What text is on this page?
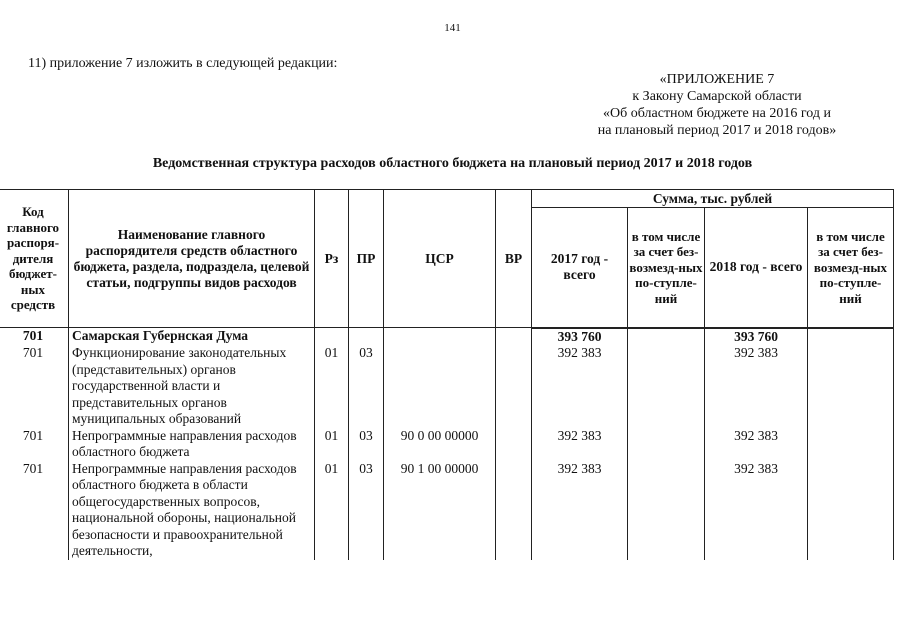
141
11) приложение 7 изложить в следующей редакции:
«ПРИЛОЖЕНИЕ 7
к Закону Самарской области
«Об областном бюджете на 2016 год и
на плановый период 2017 и 2018 годов»
Ведомственная структура расходов областного бюджета на плановый период 2017 и 2018 годов
Код главного распоря-дителя бюджет-ных средств	Наименование главного распорядителя средств областного бюджета, раздела, подраздела, целевой статьи, подгруппы видов расходов	Рз	ПР	ЦСР	ВР	Сумма, тыс. рублей			
						2017 год - всего	в том числе за счет без-возмезд-ных по-ступле-ний	2018 год - всего	в том числе за счет без-возмезд-ных по-ступле-ний
701	Самарская Губернская Дума					393 760		393 760	
701	Функционирование законодательных (представительных) органов государственной власти и представительных органов муниципальных образований	01	03			392 383		392 383	
701	Непрограммные направления расходов областного бюджета	01	03	90 0 00 00000		392 383		392 383	
701	Непрограммные направления расходов областного бюджета в области общегосударственных вопросов, национальной обороны, национальной безопасности и правоохранительной деятельности,	01	03	90 1 00 00000		392 383		392 383	
